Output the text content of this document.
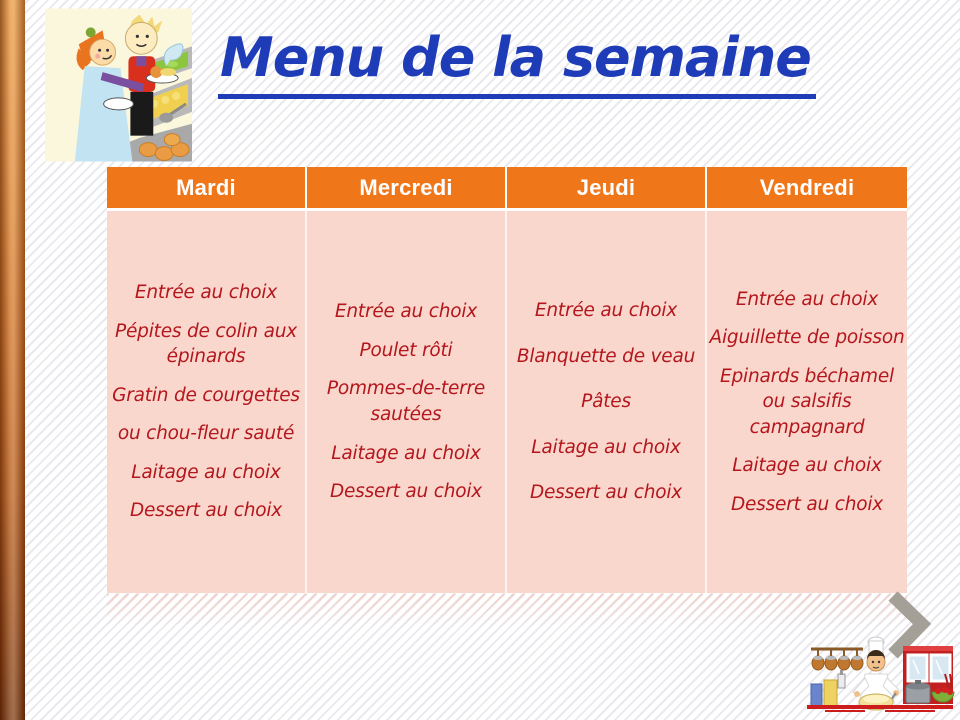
Menu de la semaine
Mardi

Entrée au choix

Pépites de colin aux épinards

Gratin de courgettes

ou chou-fleur sauté

Laitage au choix

Dessert au choix

Mercredi

Entrée au choix

Poulet rôti

Pommes-de-terre sautées

Laitage au choix

Dessert au choix

Jeudi

Entrée au choix

Blanquette de veau

Pâtes

Laitage au choix

Dessert au choix

Vendredi

Entrée au choix

Aiguillette de poisson

Epinards béchamel ou salsifis campagnard

Laitage au choix

Dessert au choix
